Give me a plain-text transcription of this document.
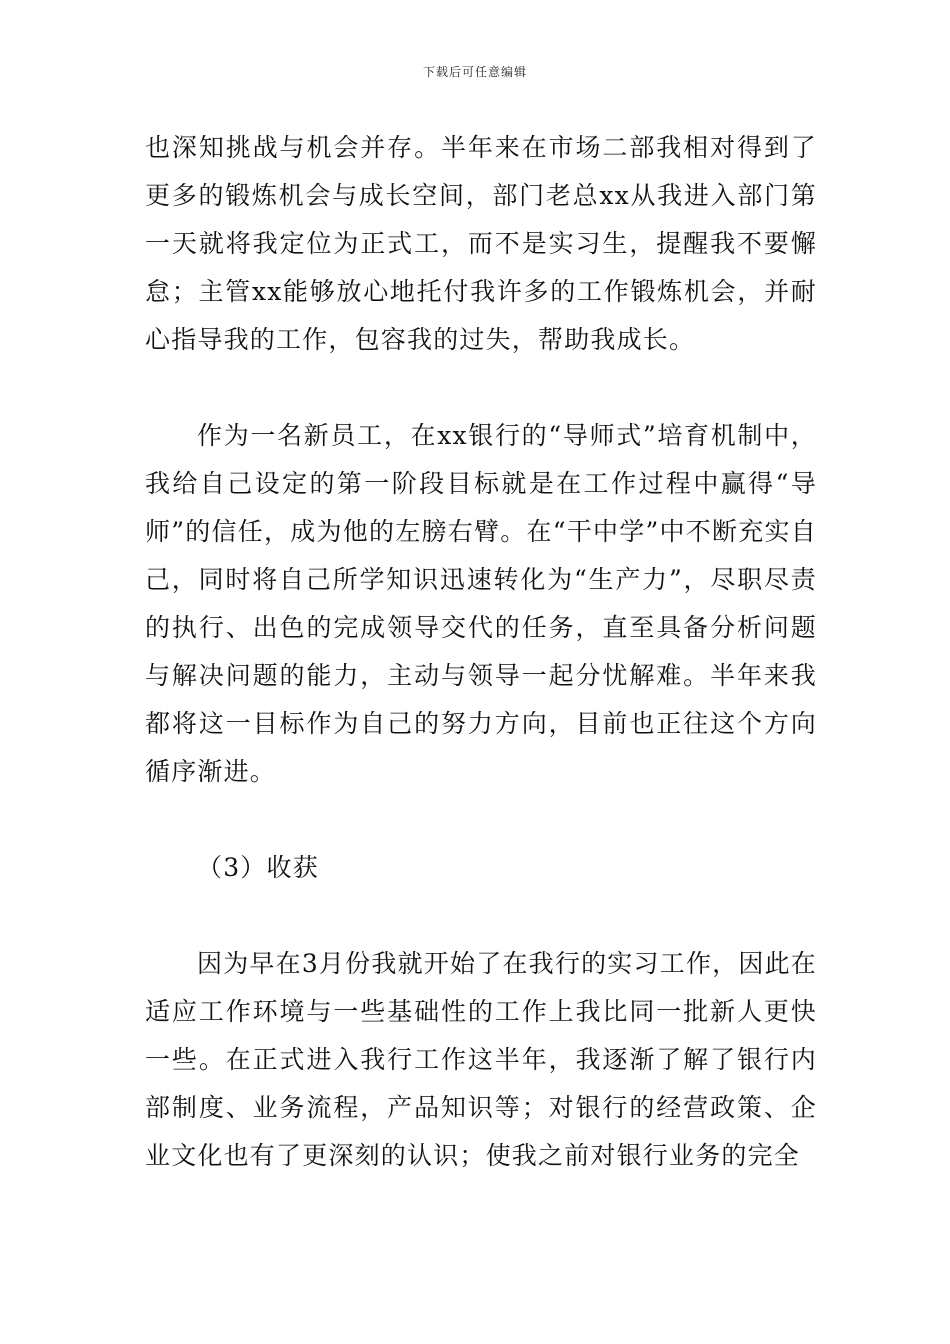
下载后可任意编辑

也深知挑战与机会并存。半年来在市场二部我相对得到了更多的锻炼机会与成长空间，部门老总xx从我进入部门第一天就将我定位为正式工，而不是实习生，提醒我不要懈怠；主管xx能够放心地托付我许多的工作锻炼机会，并耐心指导我的工作，包容我的过失，帮助我成长。

作为一名新员工，在xx银行的“导师式”培育机制中，我给自己设定的第一阶段目标就是在工作过程中赢得“导师”的信任，成为他的左膀右臂。在“干中学”中不断充实自己，同时将自己所学知识迅速转化为“生产力”，尽职尽责的执行、出色的完成领导交代的任务，直至具备分析问题与解决问题的能力，主动与领导一起分忧解难。半年来我都将这一目标作为自己的努力方向，目前也正往这个方向循序渐进。

（3）收获

因为早在3月份我就开始了在我行的实习工作，因此在适应工作环境与一些基础性的工作上我比同一批新人更快一些。在正式进入我行工作这半年，我逐渐了解了银行内部制度、业务流程，产品知识等；对银行的经营政策、企业文化也有了更深刻的认识；使我之前对银行业务的完全
